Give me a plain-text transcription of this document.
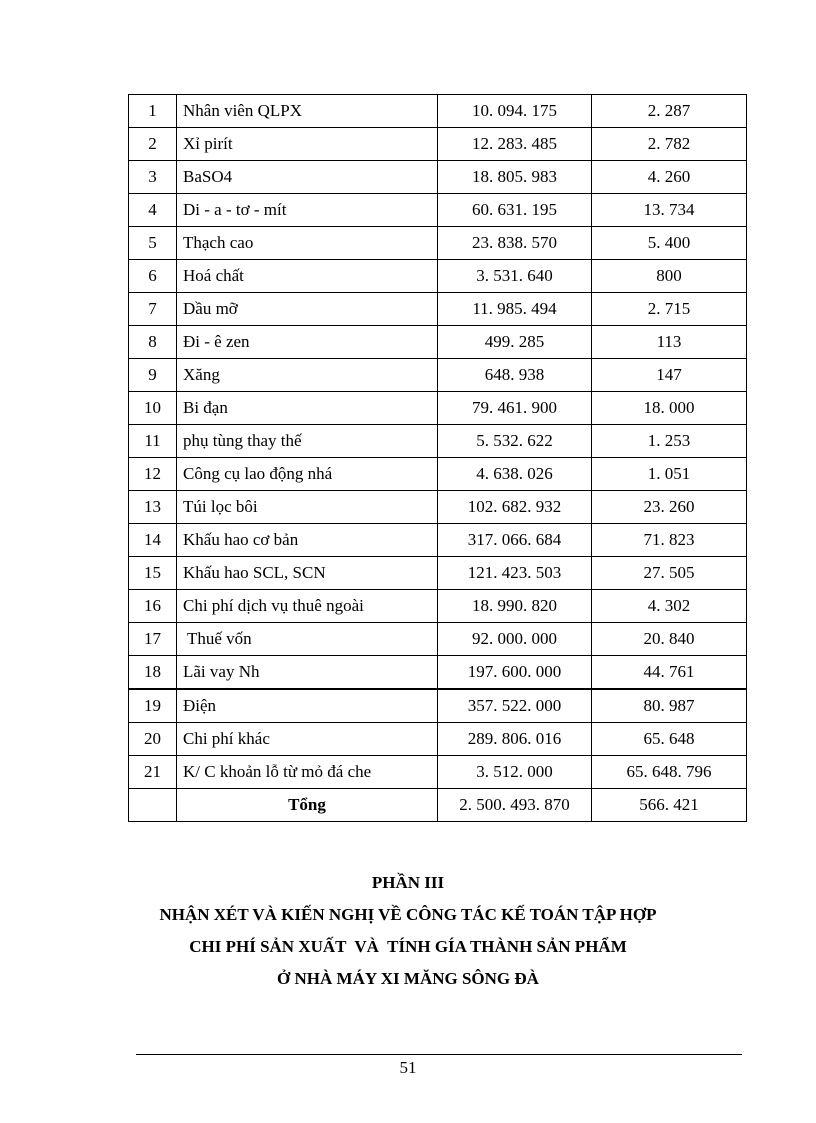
1	Nhân viên QLPX	10. 094. 175	2. 287
2	Xỉ pirít	12. 283. 485	2. 782
3	BaSO4	18. 805. 983	4. 260
4	Di - a - tơ - mít	60. 631. 195	13. 734
5	Thạch cao	23. 838. 570	5. 400
6	Hoá chất	3. 531. 640	800
7	Dầu mỡ	11. 985. 494	2. 715
8	Đi - ê zen	499. 285	113
9	Xăng	648. 938	147
10	Bi đạn	79. 461. 900	18. 000
11	phụ tùng thay thế	5. 532. 622	1. 253
12	Công cụ lao động nhá	4. 638. 026	1. 051
13	Túi lọc bôi	102. 682. 932	23. 260
14	Khấu hao cơ bản	317. 066. 684	71. 823
15	Khấu hao SCL, SCN	121. 423. 503	27. 505
16	Chi phí dịch vụ thuê ngoài	18. 990. 820	4. 302
17	Thuế vốn	92. 000. 000	20. 840
18	Lãi vay Nh	197. 600. 000	44. 761
19	Điện	357. 522. 000	80. 987
20	Chi phí khác	289. 806. 016	65. 648
21	K/ C khoản lỗ từ mỏ đá che	3. 512. 000	65. 648. 796
	Tổng	2. 500. 493. 870	566. 421
PHẦN III
NHẬN XÉT VÀ KIẾN NGHỊ VỀ CÔNG TÁC KẾ TOÁN TẬP HỢP
CHI PHÍ SẢN XUẤT  VÀ  TÍNH GÍA THÀNH SẢN PHẨM
Ở NHÀ MÁY XI MĂNG SÔNG ĐÀ
51
